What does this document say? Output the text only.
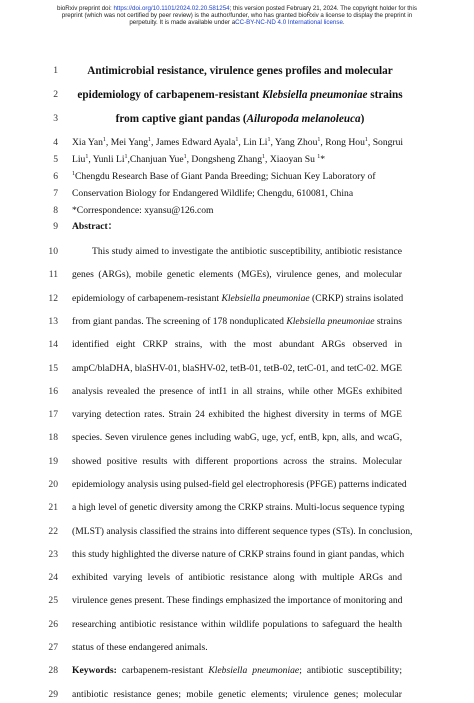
bioRxiv preprint doi: https://doi.org/10.1101/2024.02.20.581254; this version posted February 21, 2024. The copyright holder for this
preprint (which was not certified by peer review) is the author/funder, who has granted bioRxiv a license to display the preprint in
perpetuity. It is made available under aCC-BY-NC-ND 4.0 International license.
1	Antimicrobial resistance, virulence genes profiles and molecular
2	epidemiology of carbapenem-resistant Klebsiella pneumoniae strains
3	from captive giant pandas (Ailuropoda melanoleuca)
4 Xia Yan$^1$, Mei Yang$^1$, James Edward Ayala$^1$, Lin Li$^1$, Yang Zhou$^1$, Rong Hou$^1$, Songrui
5 Liu$^1$, Yunli Li$^1$,Chanjuan Yue$^1$, Dongsheng Zhang$^1$, Xiaoyan Su $^1$*
6 $^1$Chengdu Research Base of Giant Panda Breeding; Sichuan Key Laboratory of
7 Conservation Biology for Endangered Wildlife; Chengdu, 610081, China
8 *Correspondence: xyansu@126.com
9 Abstract：
10	This study aimed to investigate the antibiotic susceptibility, antibiotic resistance
11 genes (ARGs), mobile genetic elements (MGEs), virulence genes, and molecular
12 epidemiology of carbapenem-resistant Klebsiella pneumoniae (CRKP) strains isolated
13 from giant pandas. The screening of 178 nonduplicated Klebsiella pneumoniae strains
14 identified eight CRKP strains, with the most abundant ARGs observed in
15 ampC/blaDHA, blaSHV-01, blaSHV-02, tetB-01, tetB-02, tetC-01, and tetC-02. MGE
16 analysis revealed the presence of intI1 in all strains, while other MGEs exhibited
17 varying detection rates. Strain 24 exhibited the highest diversity in terms of MGE
18 species. Seven virulence genes including wabG, uge, ycf, entB, kpn, alls, and wcaG,
19 showed positive results with different proportions across the strains. Molecular
20 epidemiology analysis using pulsed-field gel electrophoresis (PFGE) patterns indicated
21 a high level of genetic diversity among the CRKP strains. Multi-locus sequence typing
22 (MLST) analysis classified the strains into different sequence types (STs). In conclusion,
23 this study highlighted the diverse nature of CRKP strains found in giant pandas, which
24 exhibited varying levels of antibiotic resistance along with multiple ARGs and
25 virulence genes present. These findings emphasized the importance of monitoring and
26 researching antibiotic resistance within wildlife populations to safeguard the health
27 status of these endangered animals.
28 Keywords: carbapenem-resistant Klebsiella pneumoniae; antibiotic susceptibility;
29 antibiotic resistance genes; mobile genetic elements; virulence genes; molecular
